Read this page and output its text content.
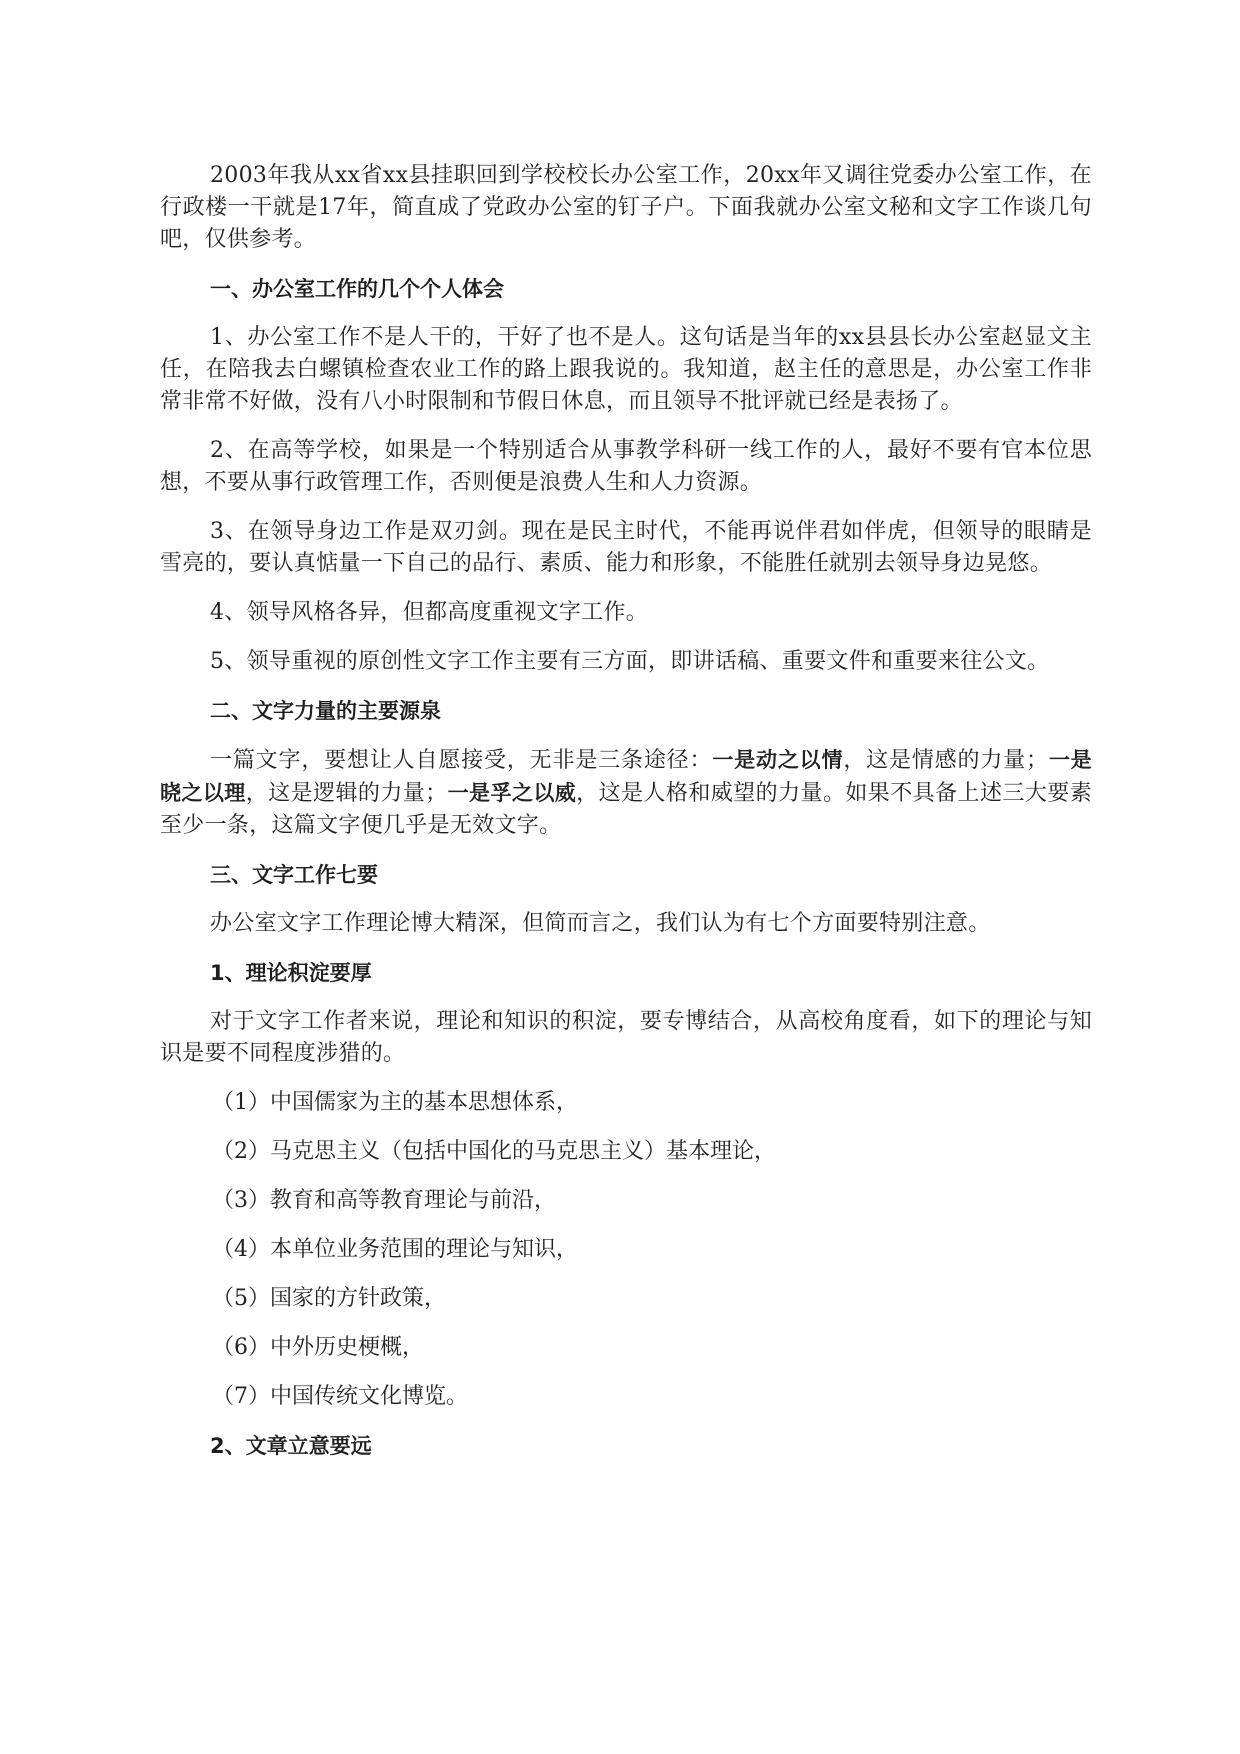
2003年我从xx省xx县挂职回到学校校长办公室工作，20xx年又调往党委办公室工作，在行政楼一干就是17年，简直成了党政办公室的钉子户。下面我就办公室文秘和文字工作谈几句吧，仅供参考。

一、办公室工作的几个个人体会

1、办公室工作不是人干的，干好了也不是人。这句话是当年的xx县县长办公室赵显文主任，在陪我去白螺镇检查农业工作的路上跟我说的。我知道，赵主任的意思是，办公室工作非常非常不好做，没有八小时限制和节假日休息，而且领导不批评就已经是表扬了。

2、在高等学校，如果是一个特别适合从事教学科研一线工作的人，最好不要有官本位思想，不要从事行政管理工作，否则便是浪费人生和人力资源。

3、在领导身边工作是双刃剑。现在是民主时代，不能再说伴君如伴虎，但领导的眼睛是雪亮的，要认真惦量一下自己的品行、素质、能力和形象，不能胜任就别去领导身边晃悠。

4、领导风格各异，但都高度重视文字工作。

5、领导重视的原创性文字工作主要有三方面，即讲话稿、重要文件和重要来往公文。

二、文字力量的主要源泉

一篇文字，要想让人自愿接受，无非是三条途径：一是动之以情，这是情感的力量；一是晓之以理，这是逻辑的力量；一是孚之以威，这是人格和威望的力量。如果不具备上述三大要素至少一条，这篇文字便几乎是无效文字。

三、文字工作七要

办公室文字工作理论博大精深，但简而言之，我们认为有七个方面要特别注意。

1、理论积淀要厚

对于文字工作者来说，理论和知识的积淀，要专博结合，从高校角度看，如下的理论与知识是要不同程度涉猎的。

（1）中国儒家为主的基本思想体系，

（2）马克思主义（包括中国化的马克思主义）基本理论，

（3）教育和高等教育理论与前沿，

（4）本单位业务范围的理论与知识，

（5）国家的方针政策，

（6）中外历史梗概，

（7）中国传统文化博览。

2、文章立意要远
